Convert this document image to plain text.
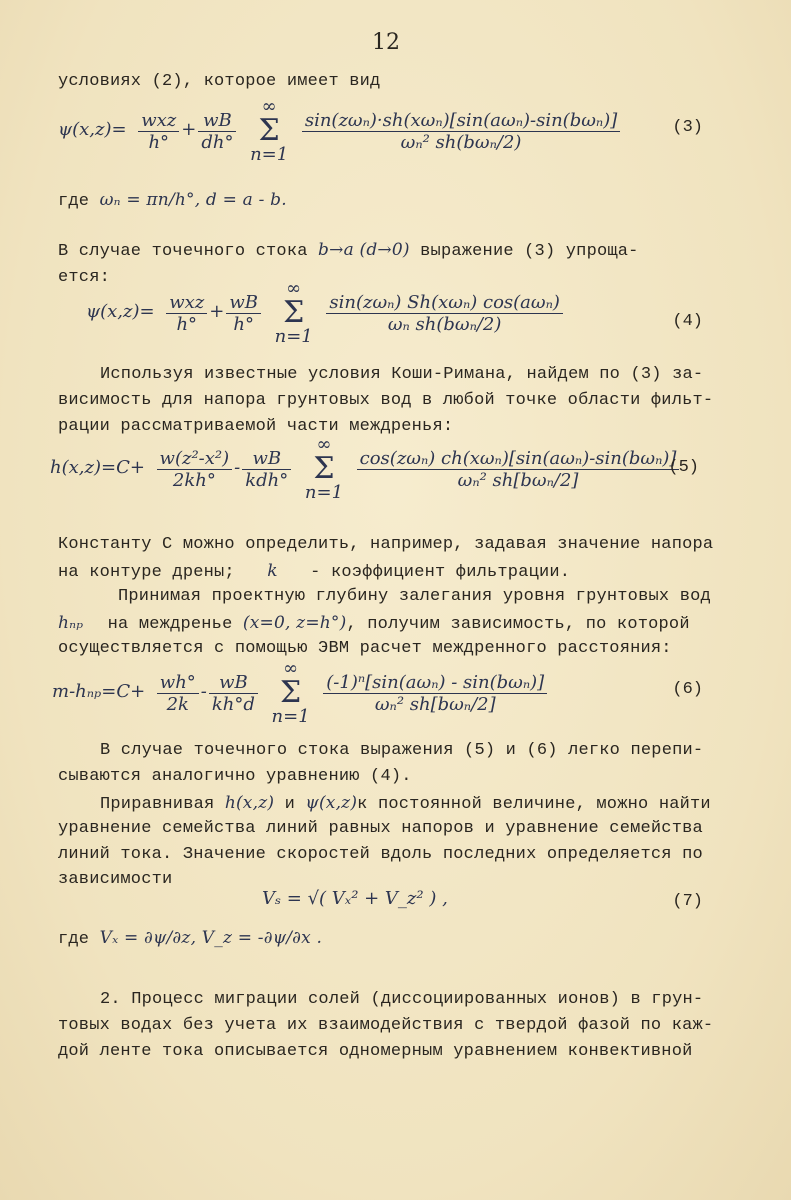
12
условиях (2), которое имеет вид
$\psi(x,z)= \frac{\text{wxz}}{h^\circ} + \frac{wB}{dh^\circ}$
∞
Σ
n=1
$\frac{\text{sin(zωₙ)·sh(xωₙ)[sin(aωₙ)-sin(bωₙ)]}}{\text{ωₙ² sh(bωₙ/2)}}$	(3)
где ωₙ = πn/h°, d = a - b.
В случае точечного стока b→a (d→0) выражение (3) упроща-
ется:
$\psi(x,z)= \frac{\text{wxz}}{h^\circ} + \frac{wB}{h^\circ}$
∞
Σ
n=1
$\frac{\text{sin(zωₙ) Sh(xωₙ) cos(aωₙ)}}{\text{ωₙ sh(bωₙ/2)}}$	(4)
Используя известные условия Коши-Римана, найдем по (3) за-
висимость для напора грунтовых вод в любой точке области фильт-
рации рассматриваемой части междренья:
$h(x,z)=C+ \frac{\text{w(z²-x²)}}{2kh^\circ} - \frac{wB}{\text{kdh°}}$
∞
Σ
n=1
$\frac{\text{cos(zωₙ) ch(xωₙ)[sin(aωₙ)-sin(bωₙ)]}}{\text{ωₙ² sh[bωₙ/2]}}$
(5)
Константу С можно определить, например, задавая значение напора
на контуре дрены; k - коэффициент фильтрации.
Принимая проектную глубину залегания уровня грунтовых вод
hₙₚ на междренье (x=0, z=h°), получим зависимость, по которой
осуществляется с помощью ЭВМ расчет междренного расстояния:
$m-h_{np}=C+ \frac{wh^\circ}{2k} - \frac{wB}{kh^\circ d}$
∞
Σ
n=1
$\frac{\text{(-1)ⁿ[sin(aωₙ) - sin(bωₙ)]}}{\text{ωₙ² sh[bωₙ/2]}}$	(6)
В случае точечного стока выражения (5) и (6) легко перепи-
сываются аналогично уравнению (4).
Приравнивая h(x,z) и ψ(x,z)к постоянной величине, можно найти
уравнение семейства линий равных напоров и уравнение семейства
линий тока. Значение скоростей вдоль последних определяется по
зависимости
Vₛ = √( Vₓ² + V_z² ) ,	(7)
где Vₓ = ∂ψ/∂z, V_z = -∂ψ/∂x .
2. Процесс миграции солей (диссоциированных ионов) в грун-
товых водах без учета их взаимодействия с твердой фазой по каж-
дой ленте тока описывается одномерным уравнением конвективной
